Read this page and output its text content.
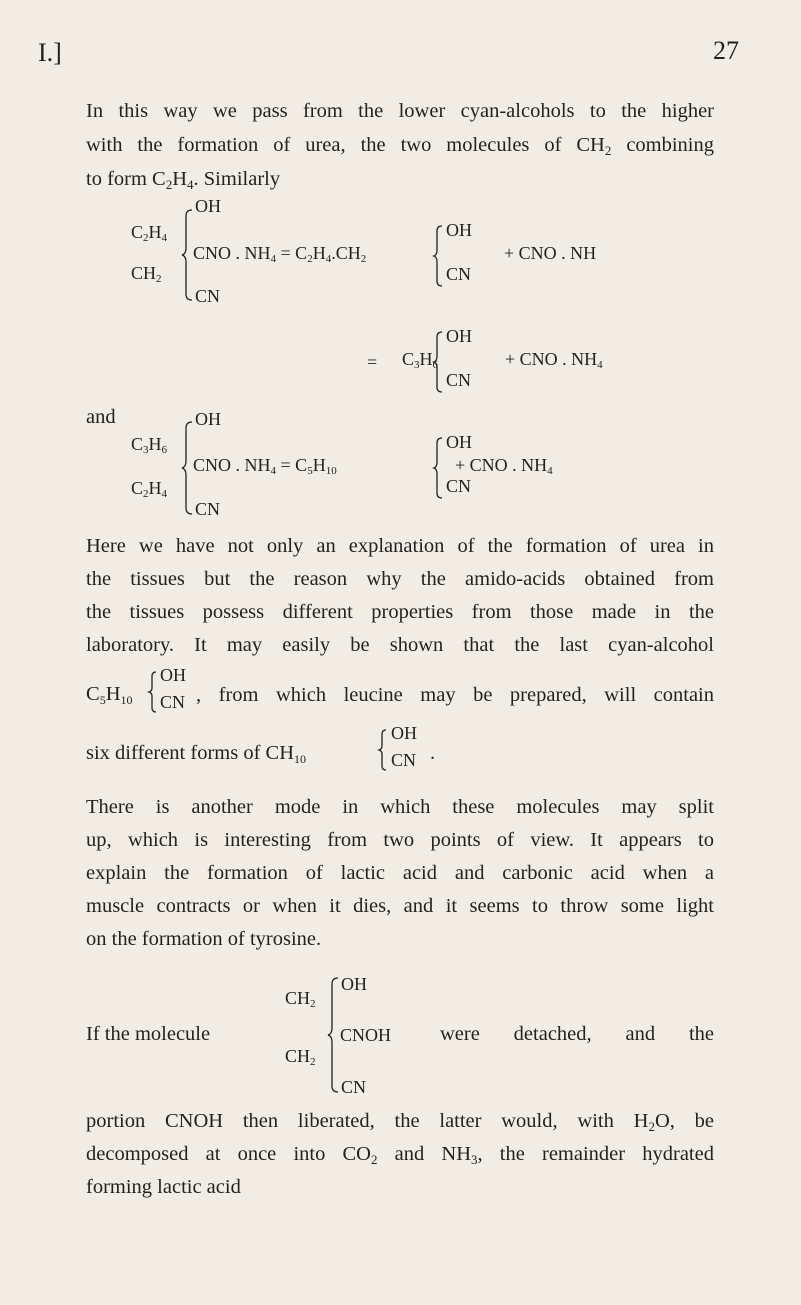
I.]	27
In this way we pass from the lower cyan-alcohols to the higher
with the formation of urea, the two molecules of $CH_2$ combining
to form $C_2H_4$. Similarly
$C_2H_4$
$CH_2$
OH
CNO . $NH_4 = C_2H_4.CH_2$
CN
OH
CN
+ CNO . NH
= $C_3H_6$
OH
CN
+ CNO . $NH_4$
and
$C_3H_6$
$C_2H_4$
OH
CNO . $NH_4 = C_5H_{10}$
CN
OH
CN
+ CNO . $NH_4$
Here we have not only an explanation of the formation of urea in
the tissues but the reason why the amido-acids obtained from
the tissues possess different properties from those made in the
laboratory. It may easily be shown that the last cyan-alcohol
$C_5H_{10}$
OH
CN , from which leucine may be prepared, will contain
six different forms of $CH_{10}$
OH
CN .
There is another mode in which these molecules may split
up, which is interesting from two points of view. It appears to
explain the formation of lactic acid and carbonic acid when a
muscle contracts or when it dies, and it seems to throw some light
on the formation of tyrosine.
$CH_2$
$CH_2$
OH
CNOH
CN
If the molecule	were detached, and the
portion CNOH then liberated, the latter would, with $H_2O$, be
decomposed at once into $CO_2$ and $NH_3$, the remainder hydrated
forming lactic acid
